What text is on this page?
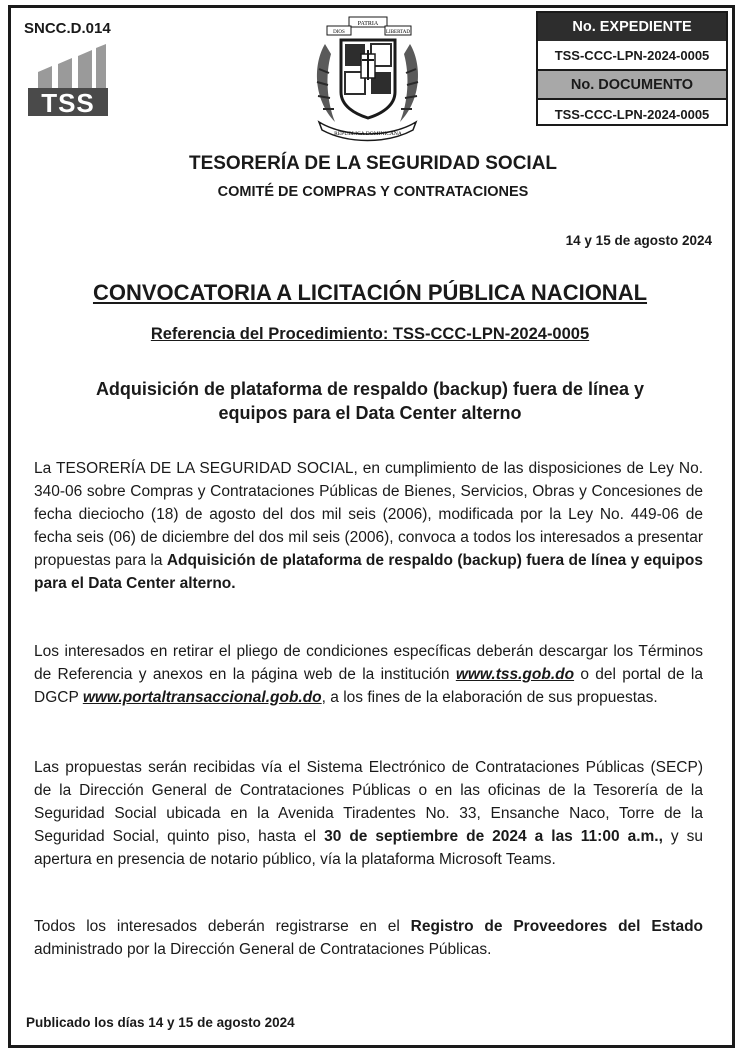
SNCC.D.014
TSS
PATRIA
DIOS	LIBERTAD
REPUBLICA DOMINICANA
No. EXPEDIENTE
TSS-CCC-LPN-2024-0005
No. DOCUMENTO
TSS-CCC-LPN-2024-0005
TESORERÍA DE LA SEGURIDAD SOCIAL
COMITÉ DE COMPRAS Y CONTRATACIONES
14 y 15 de agosto 2024
CONVOCATORIA A LICITACIÓN PÚBLICA NACIONAL
Referencia del Procedimiento: TSS-CCC-LPN-2024-0005
Adquisición de plataforma de respaldo (backup) fuera de línea y
equipos para el Data Center alterno
La TESORERÍA DE LA SEGURIDAD SOCIAL, en cumplimiento de las disposiciones de Ley No. 340-06 sobre Compras y Contrataciones Públicas de Bienes, Servicios, Obras y Concesiones de fecha dieciocho (18) de agosto del dos mil seis (2006), modificada por la Ley No. 449-06 de fecha seis (06) de diciembre del dos mil seis (2006), convoca a todos los interesados a presentar propuestas para la Adquisición de plataforma de respaldo (backup) fuera de línea y equipos para el Data Center alterno.
Los interesados en retirar el pliego de condiciones específicas deberán descargar los Términos de Referencia y anexos en la página web de la institución www.tss.gob.do o del portal de la DGCP www.portaltransaccional.gob.do, a los fines de la elaboración de sus propuestas.
Las propuestas serán recibidas vía el Sistema Electrónico de Contrataciones Públicas (SECP) de la Dirección General de Contrataciones Públicas o en las oficinas de la Tesorería de la Seguridad Social ubicada en la Avenida Tiradentes No. 33, Ensanche Naco, Torre de la Seguridad Social, quinto piso, hasta el 30 de septiembre de 2024 a las 11:00 a.m., y su apertura en presencia de notario público, vía la plataforma Microsoft Teams.
Todos los interesados deberán registrarse en el Registro de Proveedores del Estado administrado por la Dirección General de Contrataciones Públicas.
Publicado los días 14 y 15 de agosto 2024
